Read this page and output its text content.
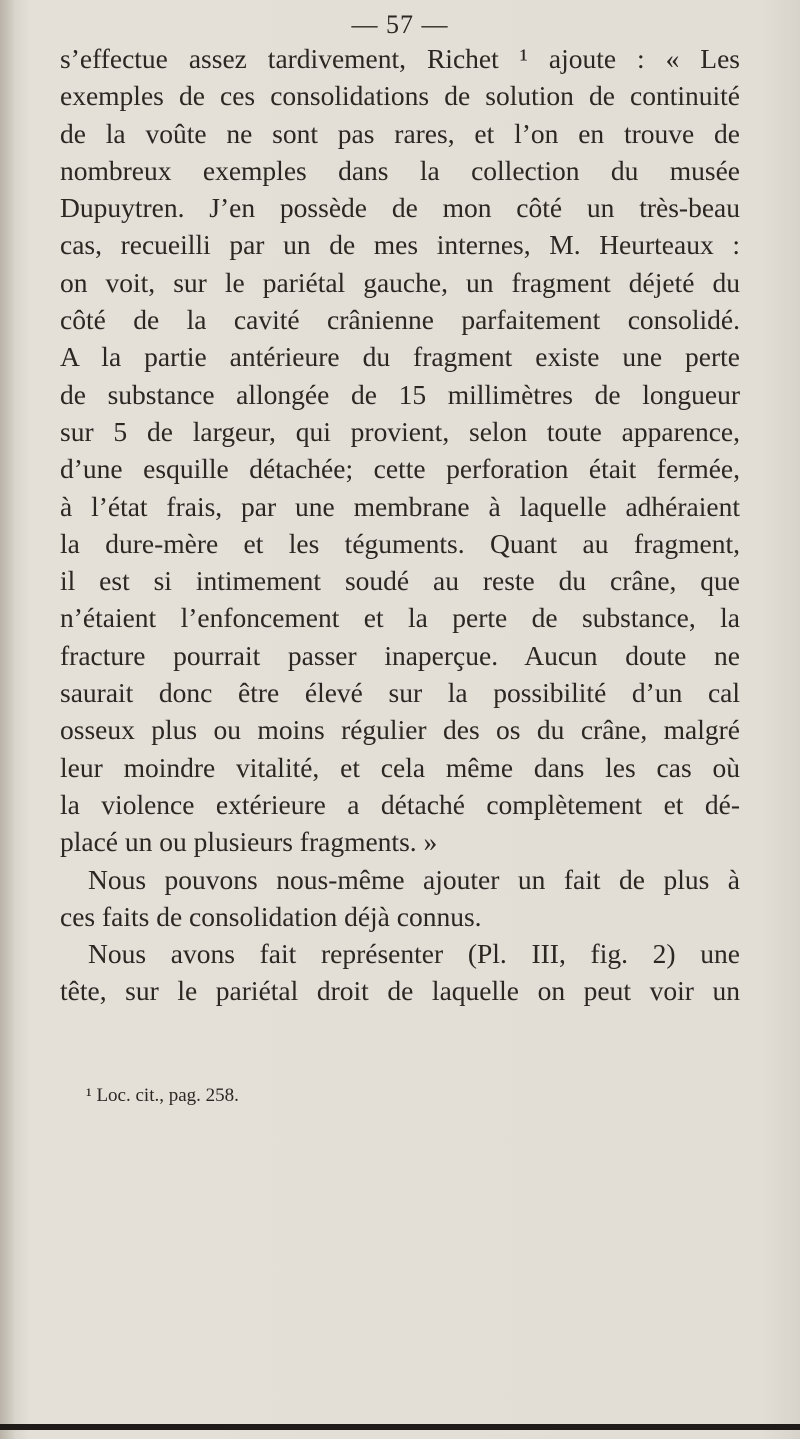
— 57 —
s’effectue assez tardivement, Richet ¹ ajoute : « Les
exemples de ces consolidations de solution de continuité
de la voûte ne sont pas rares, et l’on en trouve de
nombreux exemples dans la collection du musée
Dupuytren. J’en possède de mon côté un très-beau
cas, recueilli par un de mes internes, M. Heurteaux :
on voit, sur le pariétal gauche, un fragment déjeté du
côté de la cavité crânienne parfaitement consolidé.
A la partie antérieure du fragment existe une perte
de substance allongée de 15 millimètres de longueur
sur 5 de largeur, qui provient, selon toute apparence,
d’une esquille détachée; cette perforation était fermée,
à l’état frais, par une membrane à laquelle adhéraient
la dure-mère et les téguments. Quant au fragment,
il est si intimement soudé au reste du crâne, que
n’étaient l’enfoncement et la perte de substance, la
fracture pourrait passer inaperçue. Aucun doute ne
saurait donc être élevé sur la possibilité d’un cal
osseux plus ou moins régulier des os du crâne, malgré
leur moindre vitalité, et cela même dans les cas où
la violence extérieure a détaché complètement et dé-
placé un ou plusieurs fragments. »
Nous pouvons nous-même ajouter un fait de plus à
ces faits de consolidation déjà connus.
Nous avons fait représenter (Pl. III, fig. 2) une
tête, sur le pariétal droit de laquelle on peut voir un
¹ Loc. cit., pag. 258.
